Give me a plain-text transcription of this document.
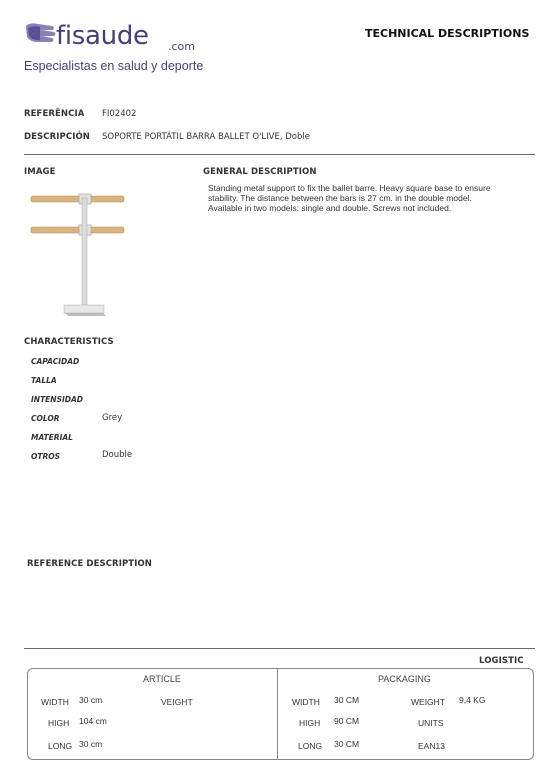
fisaude .com
Especialistas en salud y deporte
TECHNICAL DESCRIPTIONS
REFERÊNCIA FI02402
DESCRIPCIÓN SOPORTE PORTÁTIL BARRA BALLET O'LIVE, Doble
IMAGE	GENERAL DESCRIPTION
Standing metal support to fix the ballet barre. Heavy square base to ensure
stability. The distance between the bars is 27 cm. in the double model.
Available in two models: single and double. Screws not included.
CHARACTERISTICS
CAPACIDAD
TALLA
INTENSIDAD
COLOR	Grey
MATERIAL
OTROS	Double
REFERENCE DESCRIPTION
LOGISTIC
ARTICLE
WIDTH 30 cm	VEIGHT
HIGH 104 cm
LONG 30 cm
PACKAGING
WIDTH 30 CM	WEIGHT 9,4 KG
HIGH 90 CM	UNITS
LONG 30 CM	EAN13
